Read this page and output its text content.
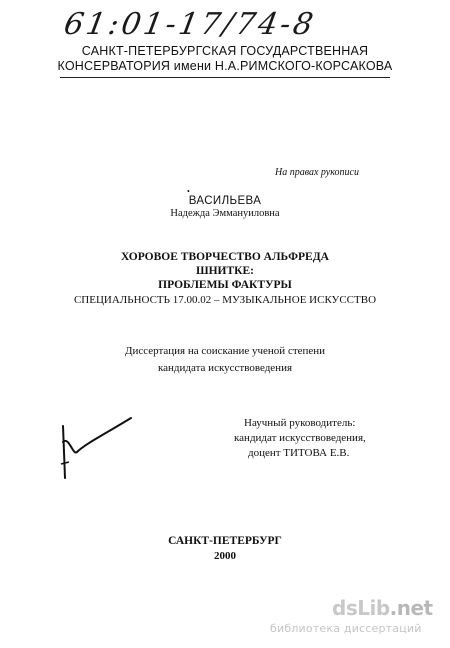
61:01-17/74-8
САНКТ-ПЕТЕРБУРГСКАЯ ГОСУДАРСТВЕННАЯ
КОНСЕРВАТОРИЯ имени Н.А.РИМСКОГО-КОРСАКОВА
На правах рукописи
•
ВАСИЛЬЕВА
Надежда Эммануиловна
ХОРОВОЕ ТВОРЧЕСТВО АЛЬФРЕДА ШНИТКЕ:
ПРОБЛЕМЫ ФАКТУРЫ
СПЕЦИАЛЬНОСТЬ 17.00.02 – МУЗЫКАЛЬНОЕ ИСКУССТВО
Диссертация на соискание ученой степени
кандидата искусствоведения
Научный руководитель:
кандидат искусствоведения,
доцент ТИТОВА Е.В.
САНКТ-ПЕТЕРБУРГ
2000
dsLib.net
библиотека диссертаций
